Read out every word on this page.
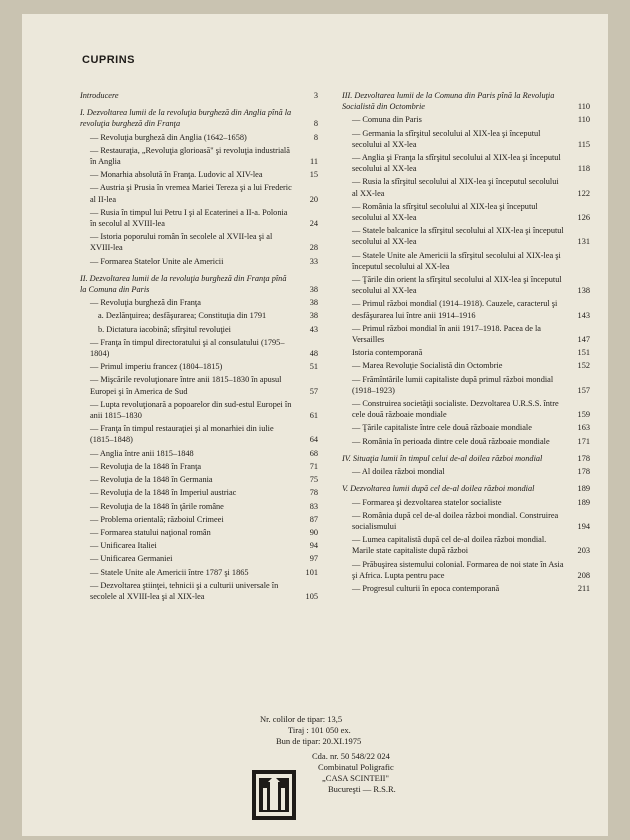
CUPRINS
Introducere	3
I. Dezvoltarea lumii de la revoluţia burgheză din Anglia pînă la revoluţia burgheză din Franţa	8
— Revoluţia burgheză din Anglia (1642–1658)	8
— Restauraţia, „Revoluţia glorioasă" şi revoluţia industrială în Anglia	11
— Monarhia absolută în Franţa. Ludovic al XIV-lea	15
— Austria şi Prusia în vremea Mariei Tereza şi a lui Frederic al II-lea	20
— Rusia în timpul lui Petru I şi al Ecaterinei a II-a. Polonia în secolul al XVIII-lea	24
— Istoria poporului român în secolele al XVII-lea şi al XVIII-lea	28
— Formarea Statelor Unite ale Americii	33
II. Dezvoltarea lumii de la revoluţia burgheză din Franţa pînă la Comuna din Paris	38
— Revoluţia burgheză din Franţa	38
a. Dezlănţuirea; desfăşurarea; Constituţia din 1791	38
b. Dictatura iacobină; sfîrşitul revoluţiei	43
— Franţa în timpul directoratului şi al consulatului (1795–1804)	48
— Primul imperiu francez (1804–1815)	51
— Mişcările revoluţionare între anii 1815–1830 în apusul Europei şi în America de Sud	57
— Lupta revoluţionară a popoarelor din sud-estul Europei în anii 1815–1830	61
— Franţa în timpul restauraţiei şi al monarhiei din iulie (1815–1848)	64
— Anglia între anii 1815–1848	68
— Revoluţia de la 1848 în Franţa	71
— Revoluţia de la 1848 în Germania	75
— Revoluţia de la 1848 în Imperiul austriac	78
— Revoluţia de la 1848 în ţările române	83
— Problema orientală; războiul Crimeei	87
— Formarea statului naţional român	90
— Unificarea Italiei	94
— Unificarea Germaniei	97
— Statele Unite ale Americii între 1787 şi 1865	101
— Dezvoltarea ştiinţei, tehnicii şi a culturii universale în secolele al XVIII-lea şi al XIX-lea	105
III. Dezvoltarea lumii de la Comuna din Paris pînă la Revoluţia Socialistă din Octombrie	110
— Comuna din Paris	110
— Germania la sfîrşitul secolului al XIX-lea şi începutul secolului al XX-lea	115
— Anglia şi Franţa la sfîrşitul secolului al XIX-lea şi începutul secolului al XX-lea	118
— Rusia la sfîrşitul secolului al XIX-lea şi începutul secolului al XX-lea	122
— România la sfîrşitul secolului al XIX-lea şi începutul secolului al XX-lea	126
— Statele balcanice la sfîrşitul secolului al XIX-lea şi începutul secolului al XX-lea	131
— Statele Unite ale Americii la sfîrşitul secolului al XIX-lea şi începutul secolului al XX-lea
— Ţările din orient la sfîrşitul secolului al XIX-lea şi începutul secolului al XX-lea	138
— Primul război mondial (1914–1918). Cauzele, caracterul şi desfăşurarea lui între anii 1914–1916	143
— Primul război mondial în anii 1917–1918. Pacea de la Versailles	147
Istoria contemporană	151
— Marea Revoluţie Socialistă din Octombrie	152
— Frămîntările lumii capitaliste după primul război mondial (1918–1923)	157
— Construirea societăţii socialiste. Dezvoltarea U.R.S.S. între cele două războaie mondiale	159
— Ţările capitaliste între cele două războaie mondiale	163
— România în perioada dintre cele două războaie mondiale	171
IV. Situaţia lumii în timpul celui de-al doilea război mondial	178
— Al doilea război mondial	178
V. Dezvoltarea lumii după cel de-al doilea război mondial	189
— Formarea şi dezvoltarea statelor socialiste	189
— România după cel de-al doilea război mondial. Construirea socialismului	194
— Lumea capitalistă după cel de-al doilea război mondial. Marile state capitaliste după război	203
— Prăbuşirea sistemului colonial. Formarea de noi state în Asia şi Africa. Lupta pentru pace	208
— Progresul culturii în epoca contemporană	211
Nr. colilor de tipar: 13,5
Tiraj : 101 050 ex.
Bun de tipar: 20.XI.1975
Cda. nr. 50 548/22 024
Combinatul Poligrafic
„CASA SCINTEII"
Bucureşti — R.S.R.
